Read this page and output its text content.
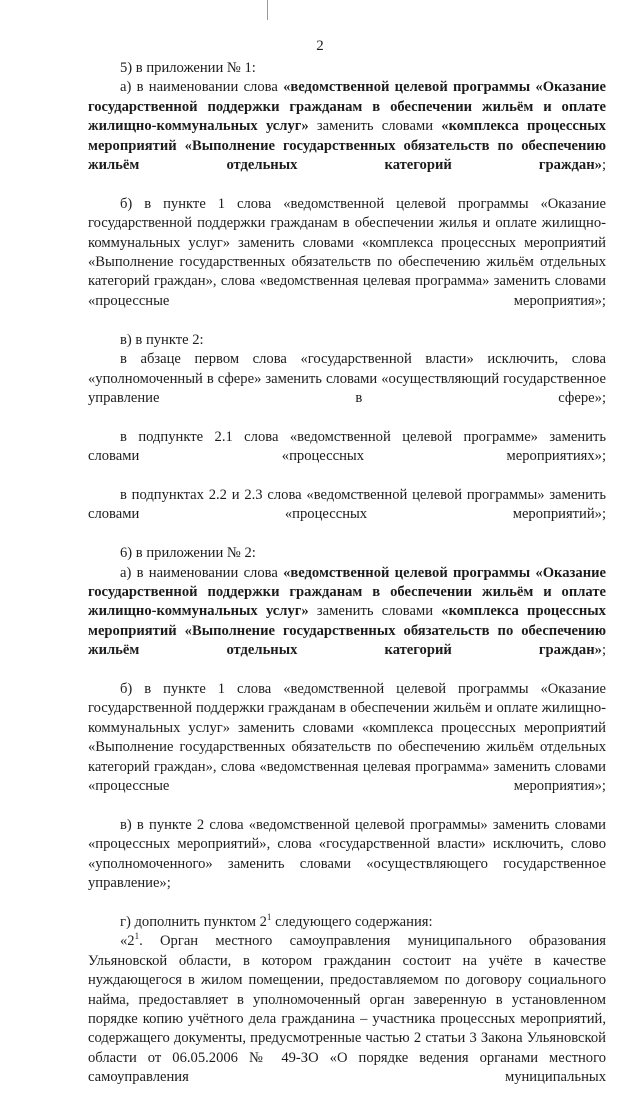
2

5) в приложении № 1:

а) в наименовании слова «ведомственной целевой программы «Оказание государственной поддержки гражданам в обеспечении жильём и оплате жилищно-коммунальных услуг» заменить словами «комплекса процессных мероприятий «Выполнение государственных обязательств по обеспечению жильём отдельных категорий граждан»;

б) в пункте 1 слова «ведомственной целевой программы «Оказание государственной поддержки гражданам в обеспечении жилья и оплате жилищно-коммунальных услуг» заменить словами «комплекса процессных мероприятий «Выполнение государственных обязательств по обеспечению жильём отдельных категорий граждан», слова «ведомственная целевая программа» заменить словами «процессные мероприятия»;

в) в пункте 2:

в абзаце первом слова «государственной власти» исключить, слова «уполномоченный в сфере» заменить словами «осуществляющий государственное управление в сфере»;

в подпункте 2.1 слова «ведомственной целевой программе» заменить словами «процессных мероприятиях»;

в подпунктах 2.2 и 2.3 слова «ведомственной целевой программы» заменить словами «процессных мероприятий»;

6) в приложении № 2:

а) в наименовании слова «ведомственной целевой программы «Оказание государственной поддержки гражданам в обеспечении жильём и оплате жилищно-коммунальных услуг» заменить словами «комплекса процессных мероприятий «Выполнение государственных обязательств по обеспечению жильём отдельных категорий граждан»;

б) в пункте 1 слова «ведомственной целевой программы «Оказание государственной поддержки гражданам в обеспечении жильём и оплате жилищно-коммунальных услуг» заменить словами «комплекса процессных мероприятий «Выполнение государственных обязательств по обеспечению жильём отдельных категорий граждан», слова «ведомственная целевая программа» заменить словами «процессные мероприятия»;

в) в пункте 2 слова «ведомственной целевой программы» заменить словами «процессных мероприятий», слова «государственной власти» исключить, слово «уполномоченного» заменить словами «осуществляющего государственное управление»;

г) дополнить пунктом $2^1$ следующего содержания:

«$2^1$. Орган местного самоуправления муниципального образования Ульяновской области, в котором гражданин состоит на учёте в качестве нуждающегося в жилом помещении, предоставляемом по договору социального найма, предоставляет в уполномоченный орган заверенную в установленном порядке копию учётного дела гражданина – участника процессных мероприятий, содержащего документы, предусмотренные частью 2 статьи 3 Закона Ульяновской области от 06.05.2006 № 49-ЗО «О порядке ведения органами местного самоуправления муниципальных
